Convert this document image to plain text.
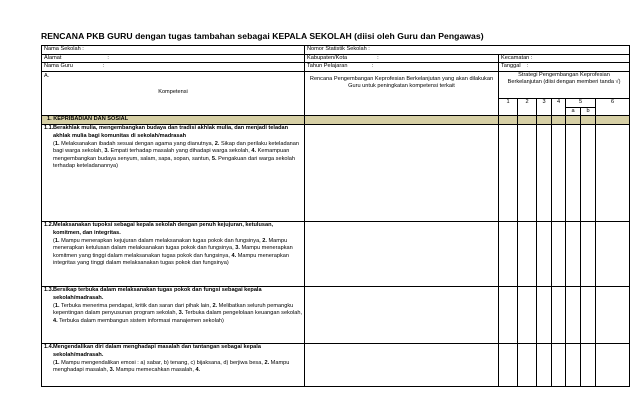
RENCANA PKB GURU dengan tugas tambahan sebagai KEPALA SEKOLAH (diisi oleh Guru dan Pengawas)
Nama Sekolah :	Nomor Statistik Sekolah :							
Alamat :	Kabupaten/Kota :	Kecamatan :						
Nama Guru :	Tahun Pelajaran :	Tanggal :						

A.
Kompetensi	Rencana Pengembangan Keprofesian Berkelanjutan yang akan dilakukan Guru untuk peningkatan kompetensi terkait	Strategi Pengembangan Keprofesian Berkelanjutan (diisi dengan memberi tanda √)						
		1	2	3	4	5		6
						a	b	
1. KEPRIBADIAN DAN SOSIAL								

1.1. Berakhlak mulia, mengembangkan budaya dan tradisi akhlak mulia, dan menjadi teladan akhlak mulia bagi komunitas di sekolah/madrasah
(1. Melaksanakan ibadah sesuai dengan agama yang dianutnya, 2. Sikap dan perilaku keteladanan bagi warga sekolah, 3. Empati terhadap masalah yang dihadapi warga sekolah, 4. Kemampuan mengembangkan budaya senyum, salam, sapa, sopan, santun, 5. Pengakuan dari warga sekolah terhadap keteladanannya)								

1.2. Melaksanakan tupoksi sebagai kepala sekolah dengan penuh kejujuran, ketulusan, komitmen, dan integritas.
(1. Mampu menerapkan kejujuran dalam melaksanakan tugas pokok dan fungsinya, 2. Mampu menerapkan ketulusan dalam melaksanakan tugas pokok dan fungsinya, 3. Mampu menerapkan komitmen yang tinggi dalam melaksanakan tugas pokok dan fungsinya, 4. Mampu menerapkan integritas yang tinggi dalam melaksanakan tugas pokok dan fungsinya)								

1.3. Bersikap terbuka dalam melaksanakan tugas pokok dan fungsi sebagai kepala sekolah/madrasah.
(1. Terbuka menerima pendapat, kritik dan saran dari pihak lain, 2. Melibatkan seluruh pemangku kepentingan dalam penyusunan program sekolah, 3. Terbuka dalam pengelolaan keuangan sekolah, 4. Terbuka dalam membangun sistem informasi manajemen sekolah)								

1.4. Mengendalikan diri dalam menghadapi masalah dan tantangan sebagai kepala sekolah/madrasah.
(1. Mampu mengendalikan emosi : a) sabar, b) tenang, c) bijaksana, d) berjiwa besa, 2. Mampu menghadapi masalah, 3. Mampu memecahkan masalah, 4.								
